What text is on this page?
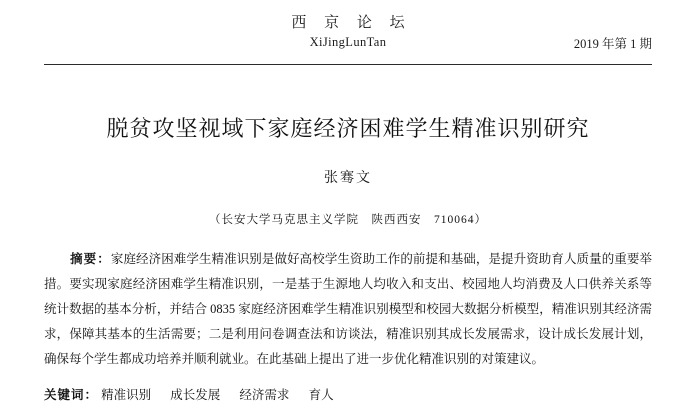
西 京 论 坛
XiJingLunTan	2019 年第 1 期
脱贫攻坚视域下家庭经济困难学生精准识别研究
张骞文
（长安大学马克思主义学院　陕西西安　710064）
摘要：家庭经济困难学生精准识别是做好高校学生资助工作的前提和基础，是提升资助育人质量的重要举措。要实现家庭经济困难学生精准识别，一是基于生源地人均收入和支出、校园地人均消费及人口供养关系等统计数据的基本分析，并结合 0835 家庭经济困难学生精准识别模型和校园大数据分析模型，精准识别其经济需求，保障其基本的生活需要；二是利用问卷调查法和访谈法，精准识别其成长发展需求，设计成长发展计划，确保每个学生都成功培养并顺利就业。在此基础上提出了进一步优化精准识别的对策建议。
关键词： 精准识别 成长发展 经济需求 育人
